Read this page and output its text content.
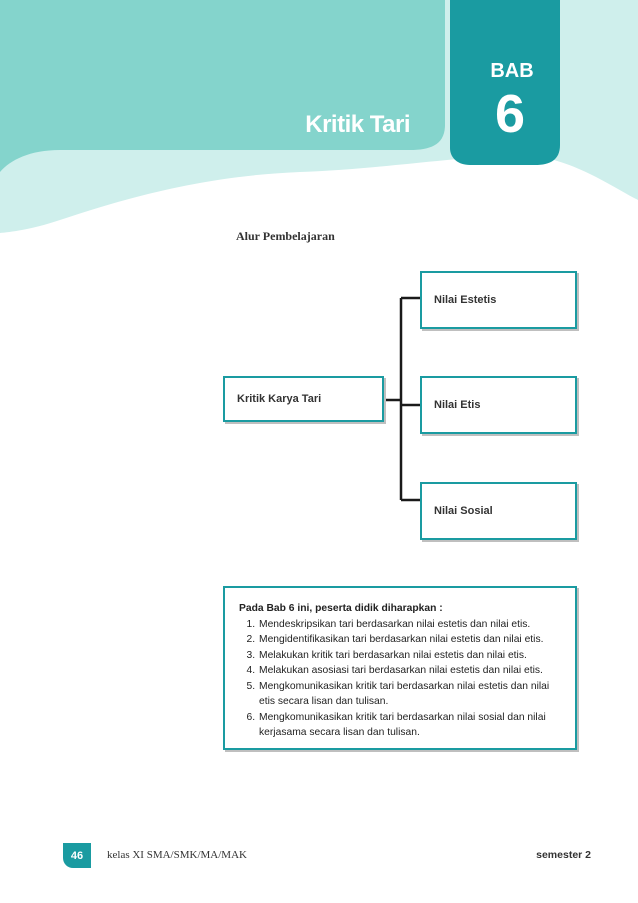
Kritik Tari
BAB
6
Alur Pembelajaran
Kritik Karya Tari
Nilai Estetis
Nilai Etis
Nilai Sosial
Pada Bab 6 ini, peserta didik diharapkan :
1. Mendeskripsikan tari berdasarkan nilai estetis dan nilai etis.
2. Mengidentifikasikan tari berdasarkan nilai estetis dan nilai etis.
3. Melakukan kritik tari berdasarkan nilai estetis dan nilai etis.
4. Melakukan asosiasi tari berdasarkan nilai estetis dan nilai etis.
5. Mengkomunikasikan kritik tari berdasarkan nilai estetis dan nilai etis secara lisan dan tulisan.
6. Mengkomunikasikan kritik tari berdasarkan nilai sosial dan nilai kerjasama secara lisan dan tulisan.
46	kelas XI SMA/SMK/MA/MAK	semester 2
